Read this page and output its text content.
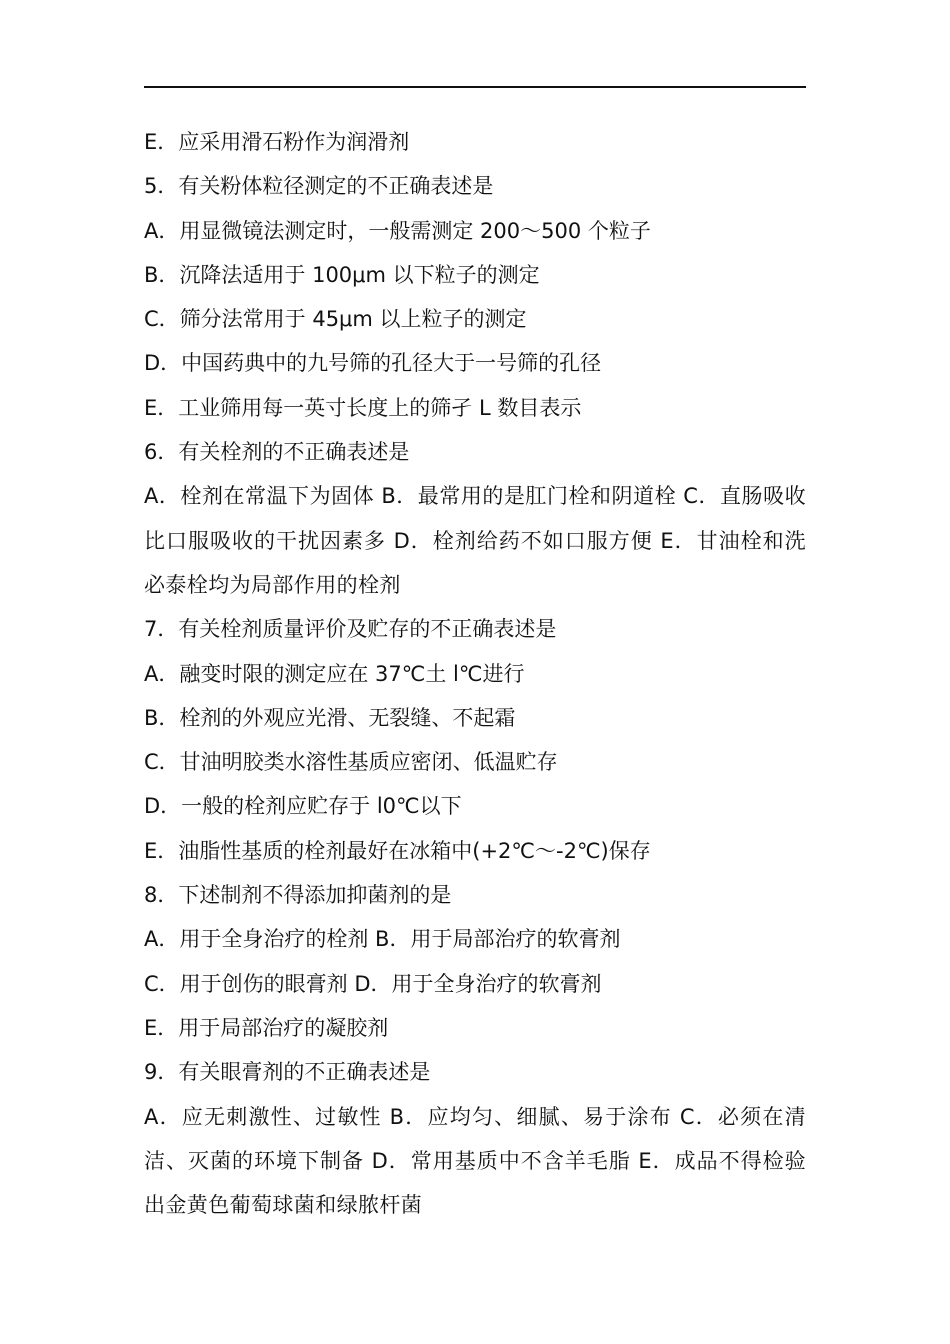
E．应采用滑石粉作为润滑剂
5．有关粉体粒径测定的不正确表述是
A．用显微镜法测定时，一般需测定 200～500 个粒子
B．沉降法适用于 100μm 以下粒子的测定
C．筛分法常用于 45μm 以上粒子的测定
D．中国药典中的九号筛的孔径大于一号筛的孔径
E．工业筛用每一英寸长度上的筛孑 L 数目表示
6．有关栓剂的不正确表述是
A．栓剂在常温下为固体 B．最常用的是肛门栓和阴道栓 C．直肠吸收比口服吸收的干扰因素多 D．栓剂给药不如口服方便 E．甘油栓和洗必泰栓均为局部作用的栓剂
7．有关栓剂质量评价及贮存的不正确表述是
A．融变时限的测定应在 37℃土 l℃进行
B．栓剂的外观应光滑、无裂缝、不起霜
C．甘油明胶类水溶性基质应密闭、低温贮存
D．一般的栓剂应贮存于 l0℃以下
E．油脂性基质的栓剂最好在冰箱中(+2℃～-2℃)保存
8．下述制剂不得添加抑菌剂的是
A．用于全身治疗的栓剂 B．用于局部治疗的软膏剂
C．用于创伤的眼膏剂 D．用于全身治疗的软膏剂
E．用于局部治疗的凝胶剂
9．有关眼膏剂的不正确表述是
A．应无刺激性、过敏性 B．应均匀、细腻、易于涂布 C．必须在清洁、灭菌的环境下制备 D．常用基质中不含羊毛脂 E．成品不得检验出金黄色葡萄球菌和绿脓杆菌
